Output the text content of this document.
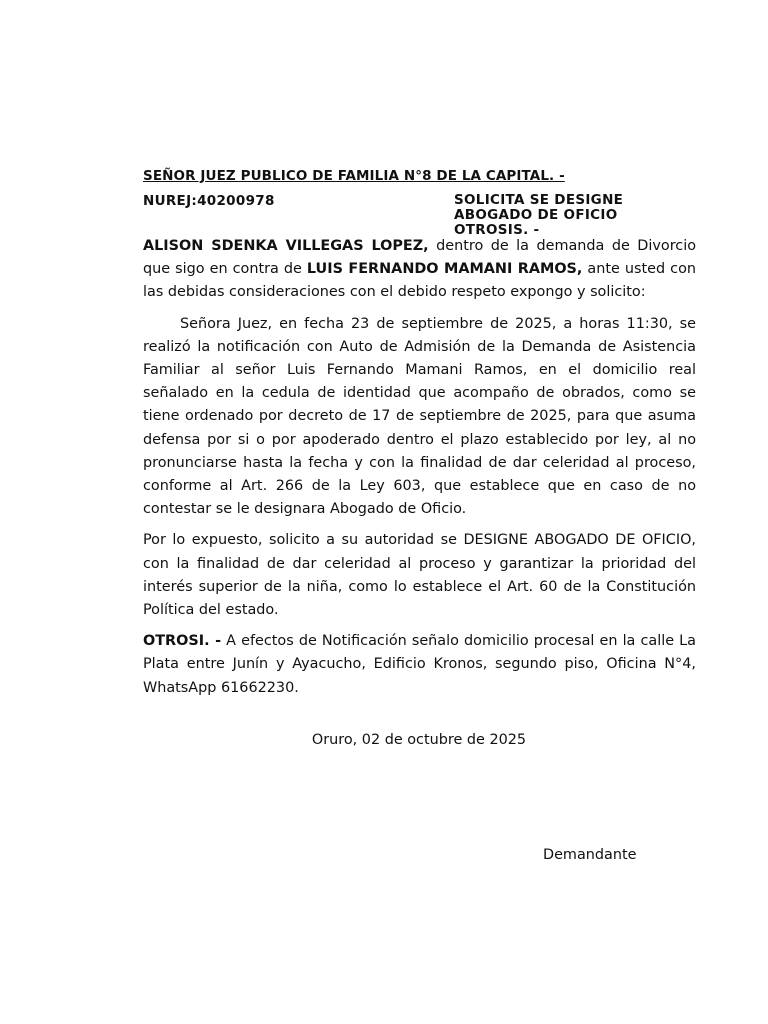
SEÑOR JUEZ PUBLICO DE FAMILIA N°8 DE LA CAPITAL. -
NUREJ:40200978	SOLICITA SE DESIGNE
ABOGADO DE OFICIO
OTROSIS. -

ALISON SDENKA VILLEGAS LOPEZ, dentro de la demanda de Divorcio que sigo en contra de LUIS FERNANDO MAMANI RAMOS, ante usted con las debidas consideraciones con el debido respeto expongo y solicito:

Señora Juez, en fecha 23 de septiembre de 2025, a horas 11:30, se realizó la notificación con Auto de Admisión de la Demanda de Asistencia Familiar al señor Luis Fernando Mamani Ramos, en el domicilio real señalado en la cedula de identidad que acompaño de obrados, como se tiene ordenado por decreto de 17 de septiembre de 2025, para que asuma defensa por si o por apoderado dentro el plazo establecido por ley, al no pronunciarse hasta la fecha y con la finalidad de dar celeridad al proceso, conforme al Art. 266 de la Ley 603, que establece que en caso de no contestar se le designara Abogado de Oficio.

Por lo expuesto, solicito a su autoridad se DESIGNE ABOGADO DE OFICIO, con la finalidad de dar celeridad al proceso y garantizar la prioridad del interés superior de la niña, como lo establece el Art. 60 de la Constitución Política del estado.

OTROSI. - A efectos de Notificación señalo domicilio procesal en la calle La Plata entre Junín y Ayacucho, Edificio Kronos, segundo piso, Oficina N°4, WhatsApp 61662230.

Oruro, 02 de octubre de 2025
Demandante
